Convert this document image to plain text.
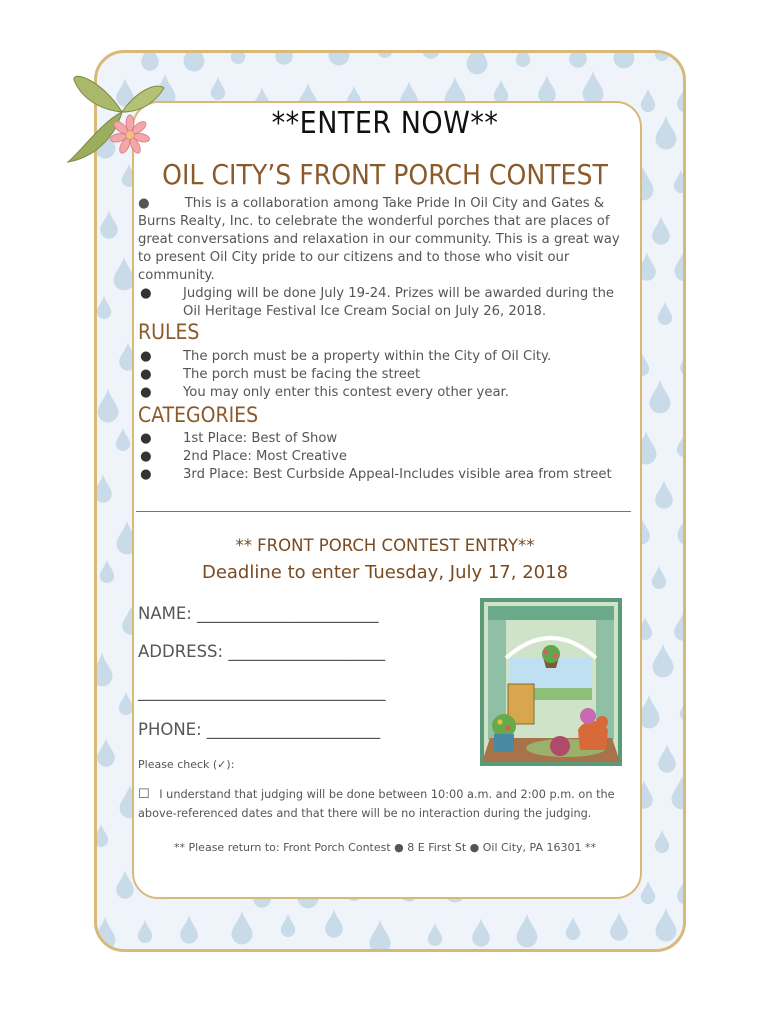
**ENTER NOW**
OIL CITY’S FRONT PORCH CONTEST
●	This is a collaboration among Take Pride In Oil City and Gates & Burns Realty, Inc. to celebrate the wonderful porches that are places of great conversations and relaxation in our community. This is a great way to present Oil City pride to our citizens and to those who visit our community.
● Judging will be done July 19-24. Prizes will be awarded during the Oil Heritage Festival Ice Cream Social on July 26, 2018.
RULES
● The porch must be a property within the City of Oil City.
● The porch must be facing the street
● You may only enter this contest every other year.
CATEGORIES
● 1st Place: Best of Show
● 2nd Place: Most Creative
● 3rd Place: Best Curbside Appeal-Includes visible area from street
** FRONT PORCH CONTEST ENTRY**
Deadline to enter Tuesday, July 17, 2018
NAME: ______________________
ADDRESS: ___________________
______________________________
PHONE: _____________________
Please check (✓):
☐ I understand that judging will be done between 10:00 a.m. and 2:00 p.m. on the
above-referenced dates and that there will be no interaction during the judging.
** Please return to: Front Porch Contest ● 8 E First St ● Oil City, PA 16301 **
